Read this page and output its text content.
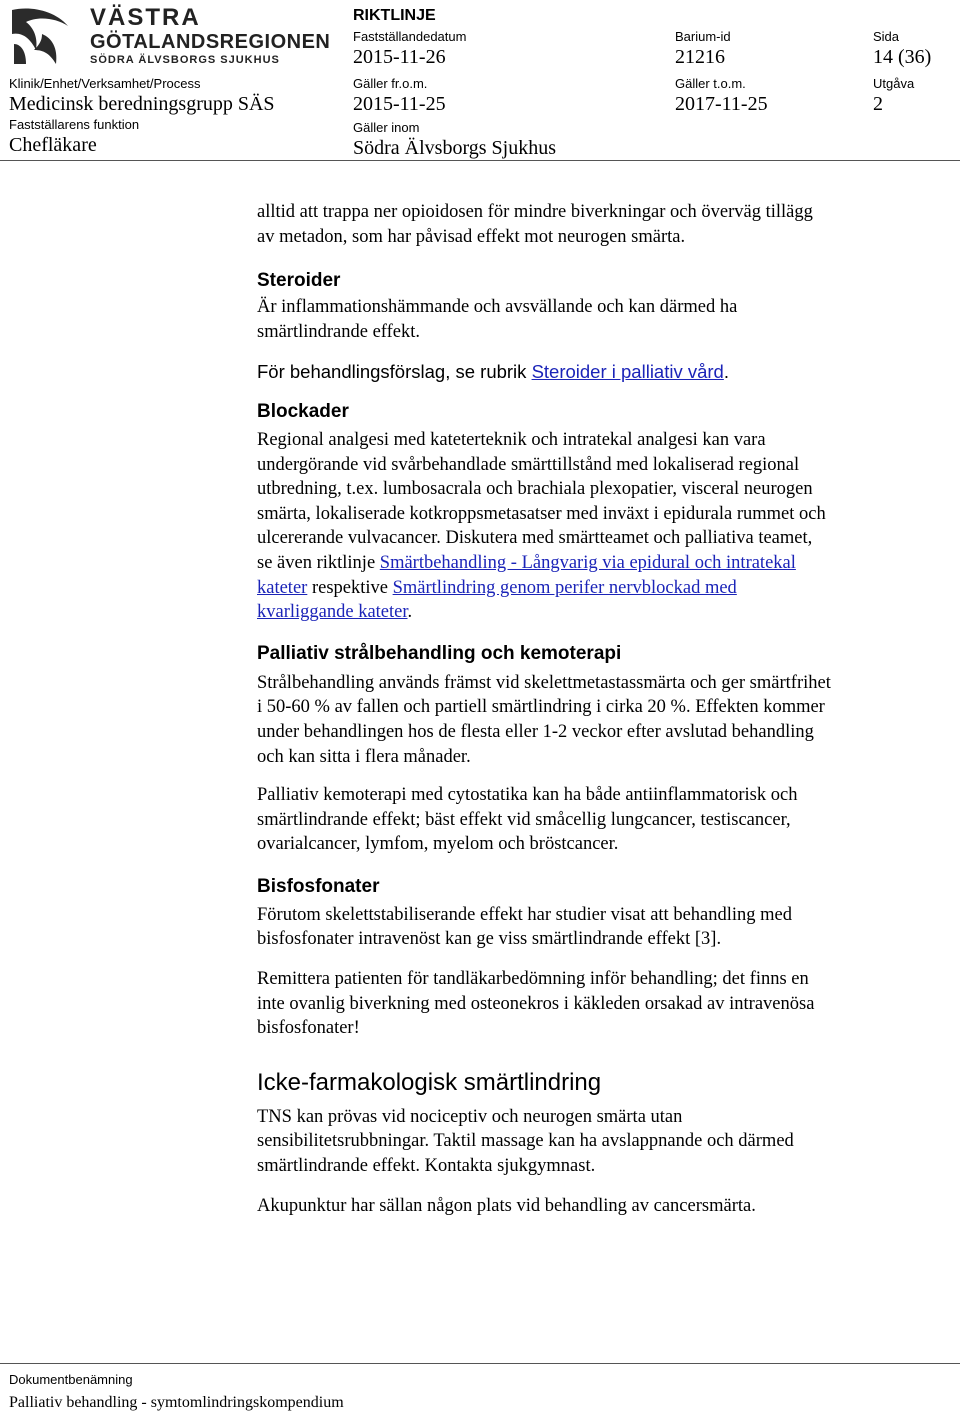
VÄSTRA
GÖTALANDSREGIONEN
SÖDRA ÄLVSBORGS SJUKHUS
RIKTLINJE
Fastställandedatum
2015-11-26
Barium-id
21216
Sida
14 (36)
Klinik/Enhet/Verksamhet/Process
Medicinsk beredningsgrupp SÄS
Gäller fr.o.m.
2015-11-25
Gäller t.o.m.
2017-11-25
Utgåva
2
Fastställarens funktion
Chefläkare
Gäller inom
Södra Älvsborgs Sjukhus

alltid att trappa ner opioidosen för mindre biverkningar och överväg tillägg

av metadon, som har påvisad effekt mot neurogen smärta.

Steroider

Är inflammationshämmande och avsvällande och kan därmed ha

smärtlindrande effekt.

För behandlingsförslag, se rubrik Steroider i palliativ vård.

Blockader

Regional analgesi med kateterteknik och intratekal analgesi kan vara

undergörande vid svårbehandlade smärttillstånd med lokaliserad regional

utbredning, t.ex. lumbosacrala och brachiala plexopatier, visceral neurogen

smärta, lokaliserade kotkroppsmetasatser med inväxt i epidurala rummet och

ulcererande vulvacancer. Diskutera med smärtteamet och palliativa teamet,

se även riktlinje Smärtbehandling - Långvarig via epidural och intratekal

kateter respektive Smärtlindring genom perifer nervblockad med

kvarliggande kateter.

Palliativ strålbehandling och kemoterapi

Strålbehandling används främst vid skelettmetastassmärta och ger smärtfrihet

i 50-60 % av fallen och partiell smärtlindring i cirka 20 %. Effekten kommer

under behandlingen hos de flesta eller 1-2 veckor efter avslutad behandling

och kan sitta i flera månader.

Palliativ kemoterapi med cytostatika kan ha både antiinflammatorisk och

smärtlindrande effekt; bäst effekt vid småcellig lungcancer, testiscancer,

ovarialcancer, lymfom, myelom och bröstcancer.

Bisfosfonater

Förutom skelettstabiliserande effekt har studier visat att behandling med

bisfosfonater intravenöst kan ge viss smärtlindrande effekt [3].

Remittera patienten för tandläkarbedömning inför behandling; det finns en

inte ovanlig biverkning med osteonekros i käkleden orsakad av intravenösa

bisfosfonater!

Icke-farmakologisk smärtlindring

TNS kan prövas vid nociceptiv och neurogen smärta utan

sensibilitetsrubbningar. Taktil massage kan ha avslappnande och därmed

smärtlindrande effekt. Kontakta sjukgymnast.

Akupunktur har sällan någon plats vid behandling av cancersmärta.

Dokumentbenämning
Palliativ behandling - symtomlindringskompendium
